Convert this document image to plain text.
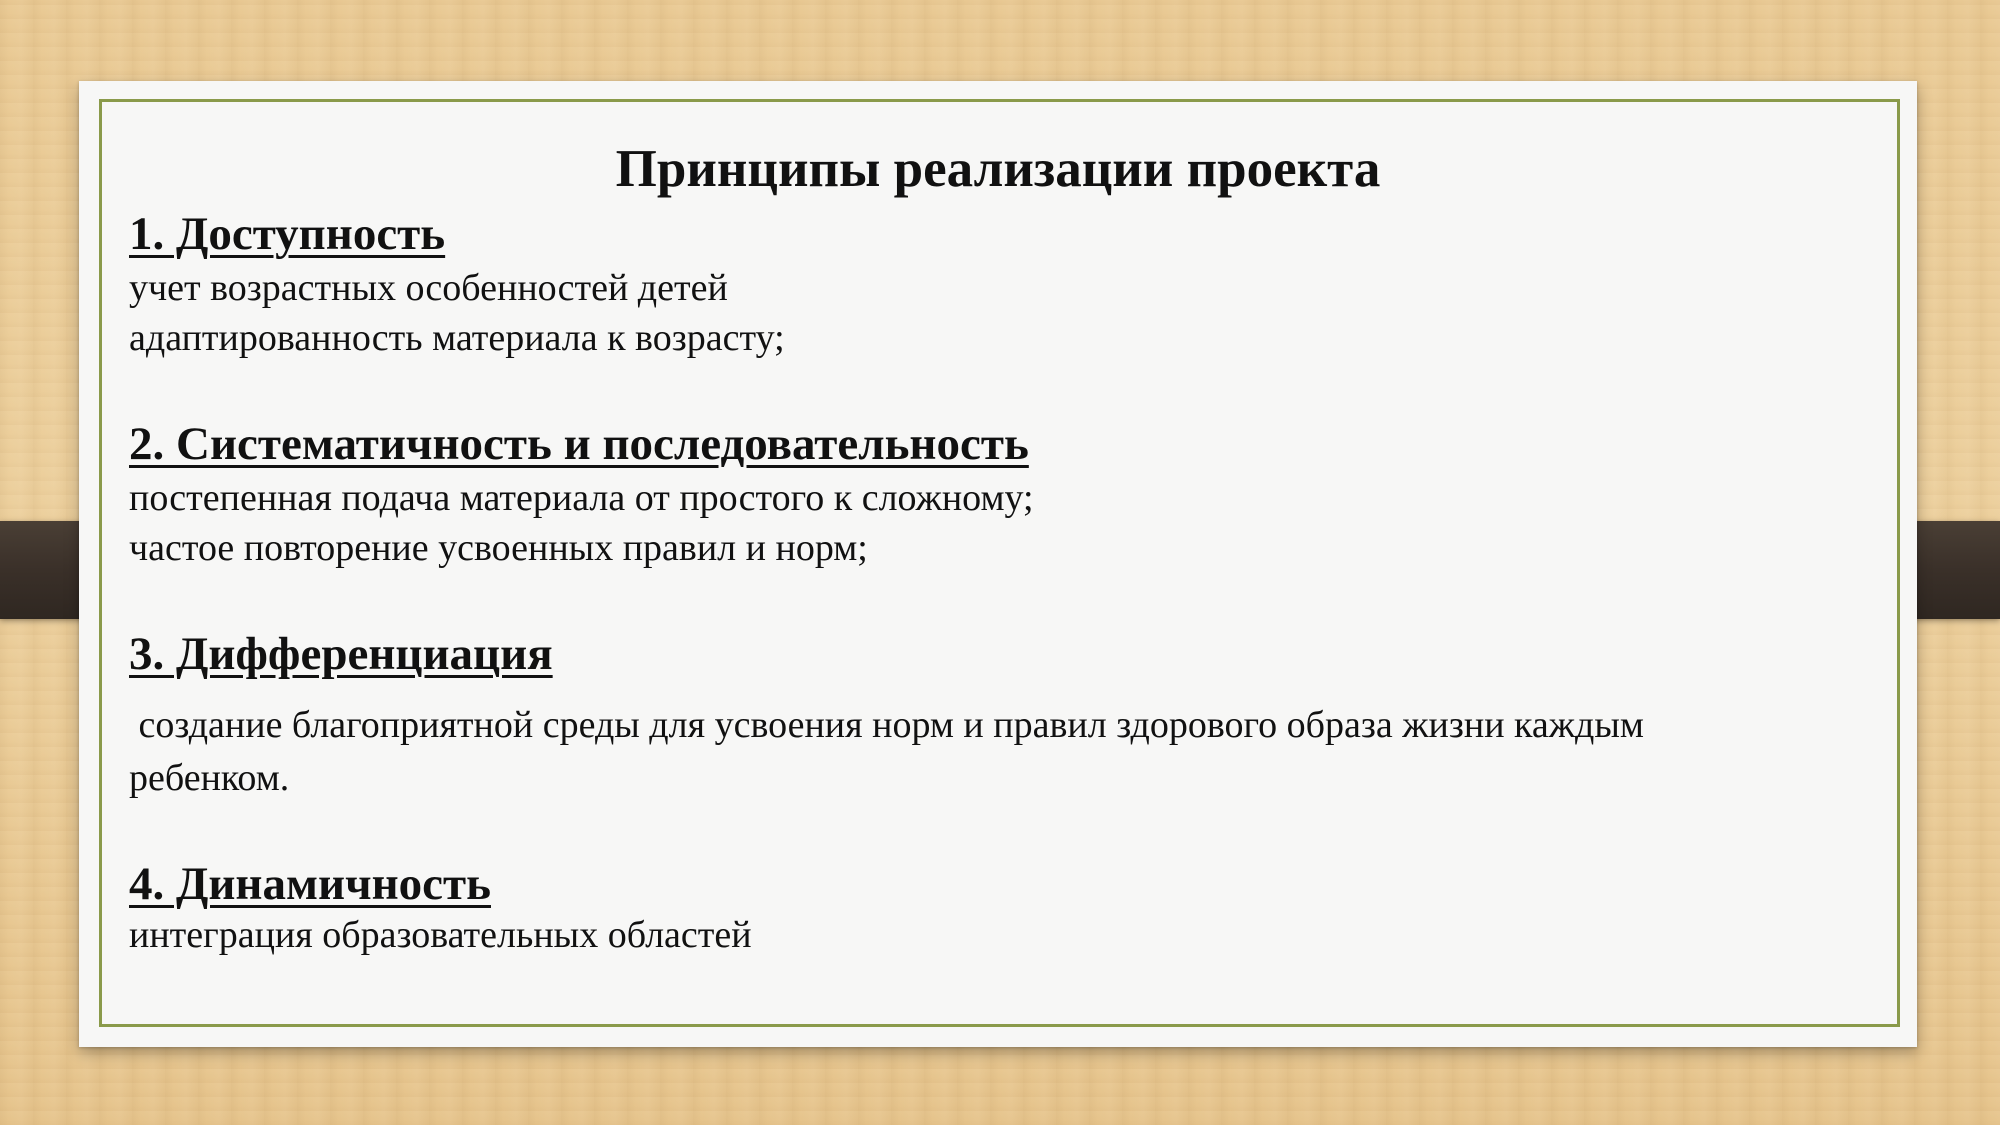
Принципы реализации проекта
1. Доступность

учет возрастных особенностей детей

адаптированность материала к возрасту;

2. Систематичность и последовательность

постепенная подача материала от простого к сложному;

частое повторение усвоенных правил и норм;

3. Дифференциация

создание благоприятной среды для усвоения норм и правил здорового образа жизни каждым

ребенком.

4. Динамичность

интеграция образовательных областей
